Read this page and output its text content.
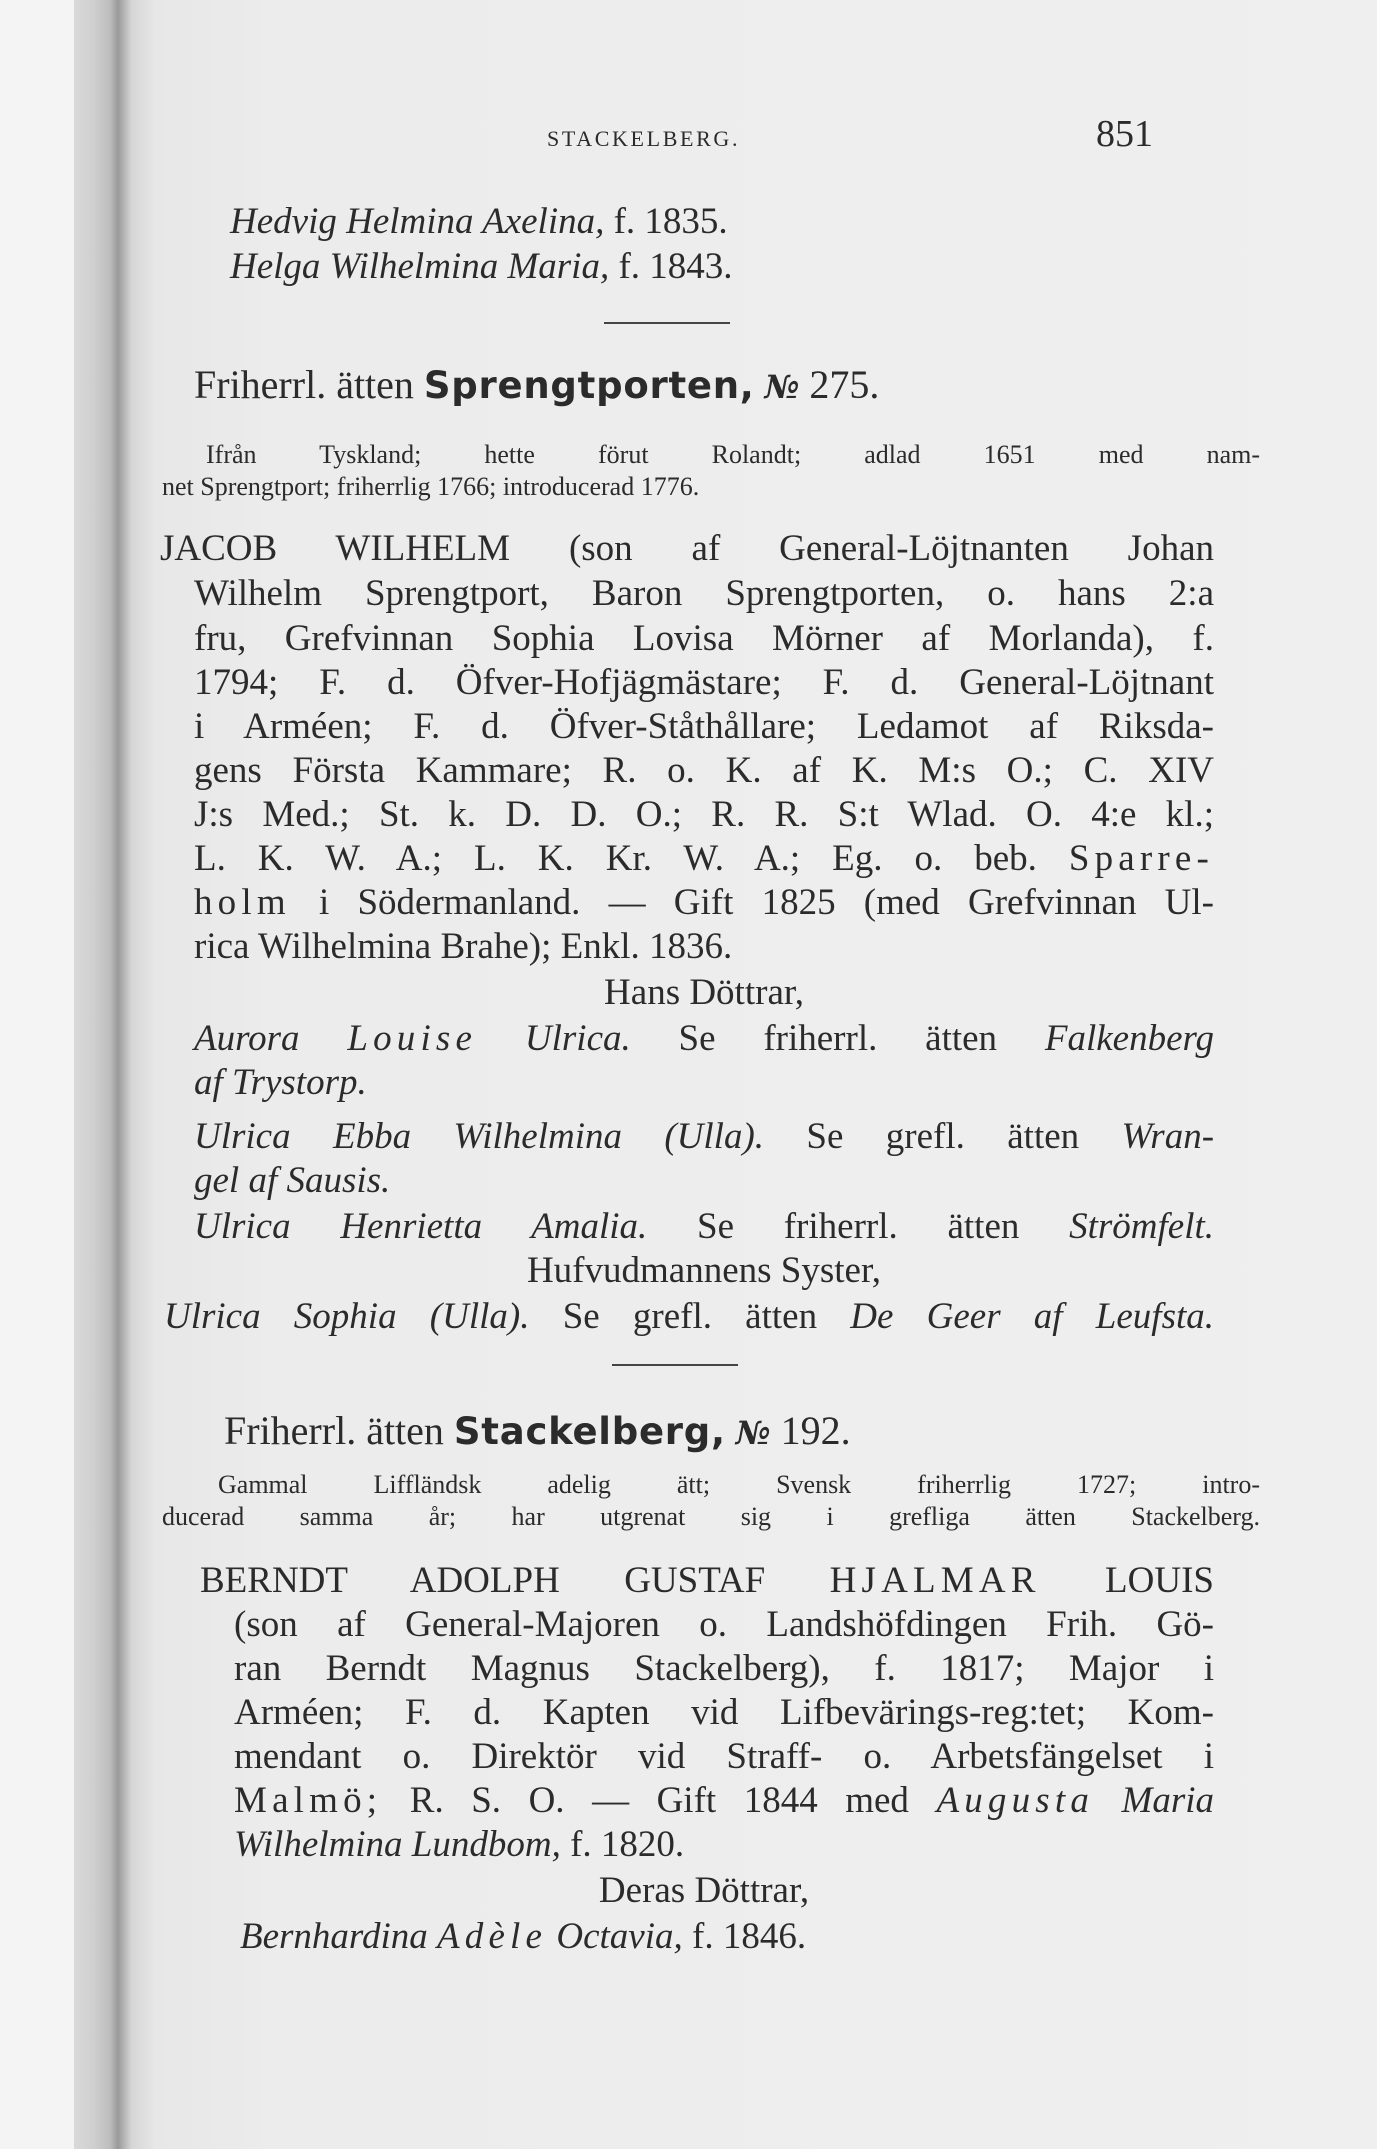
STACKELBERG.	851
Hedvig Helmina Axelina, f. 1835.
Helga Wilhelmina Maria, f. 1843.
Friherrl. ätten Sprengtporten, № 275.
Ifrån Tyskland; hette förut Rolandt; adlad 1651 med nam-
net Sprengtport; friherrlig 1766; introducerad 1776.
JACOB WILHELM (son af General-Löjtnanten Johan
Wilhelm Sprengtport, Baron Sprengtporten, o. hans 2:a
fru, Grefvinnan Sophia Lovisa Mörner af Morlanda), f.
1794; F. d. Öfver-Hofjägmästare; F. d. General-Löjtnant
i Arméen; F. d. Öfver-Ståthållare; Ledamot af Riksda-
gens Första Kammare; R. o. K. af K. M:s O.; C. XIV
J:s Med.; St. k. D. D. O.; R. R. S:t Wlad. O. 4:e kl.;
L. K. W. A.; L. K. Kr. W. A.; Eg. o. beb. Sparre-
holm i Södermanland. — Gift 1825 (med Grefvinnan Ul-
rica Wilhelmina Brahe); Enkl. 1836.
Hans Döttrar,
Aurora Louise Ulrica. Se friherrl. ätten Falkenberg
af Trystorp.
Ulrica Ebba Wilhelmina (Ulla). Se grefl. ätten Wran-
gel af Sausis.
Ulrica Henrietta Amalia. Se friherrl. ätten Strömfelt.
Hufvudmannens Syster,
Ulrica Sophia (Ulla). Se grefl. ätten De Geer af Leufsta.
Friherrl. ätten Stackelberg, № 192.
Gammal Liffländsk adelig ätt; Svensk friherrlig 1727; intro-
ducerad samma år; har utgrenat sig i grefliga ätten Stackelberg.
BERNDT ADOLPH GUSTAF HJALMAR LOUIS
(son af General-Majoren o. Landshöfdingen Frih. Gö-
ran Berndt Magnus Stackelberg), f. 1817; Major i
Arméen; F. d. Kapten vid Lifbevärings-reg:tet; Kom-
mendant o. Direktör vid Straff- o. Arbetsfängelset i
Malmö; R. S. O. — Gift 1844 med Augusta Maria
Wilhelmina Lundbom, f. 1820.
Deras Döttrar,
Bernhardina Adèle Octavia, f. 1846.
